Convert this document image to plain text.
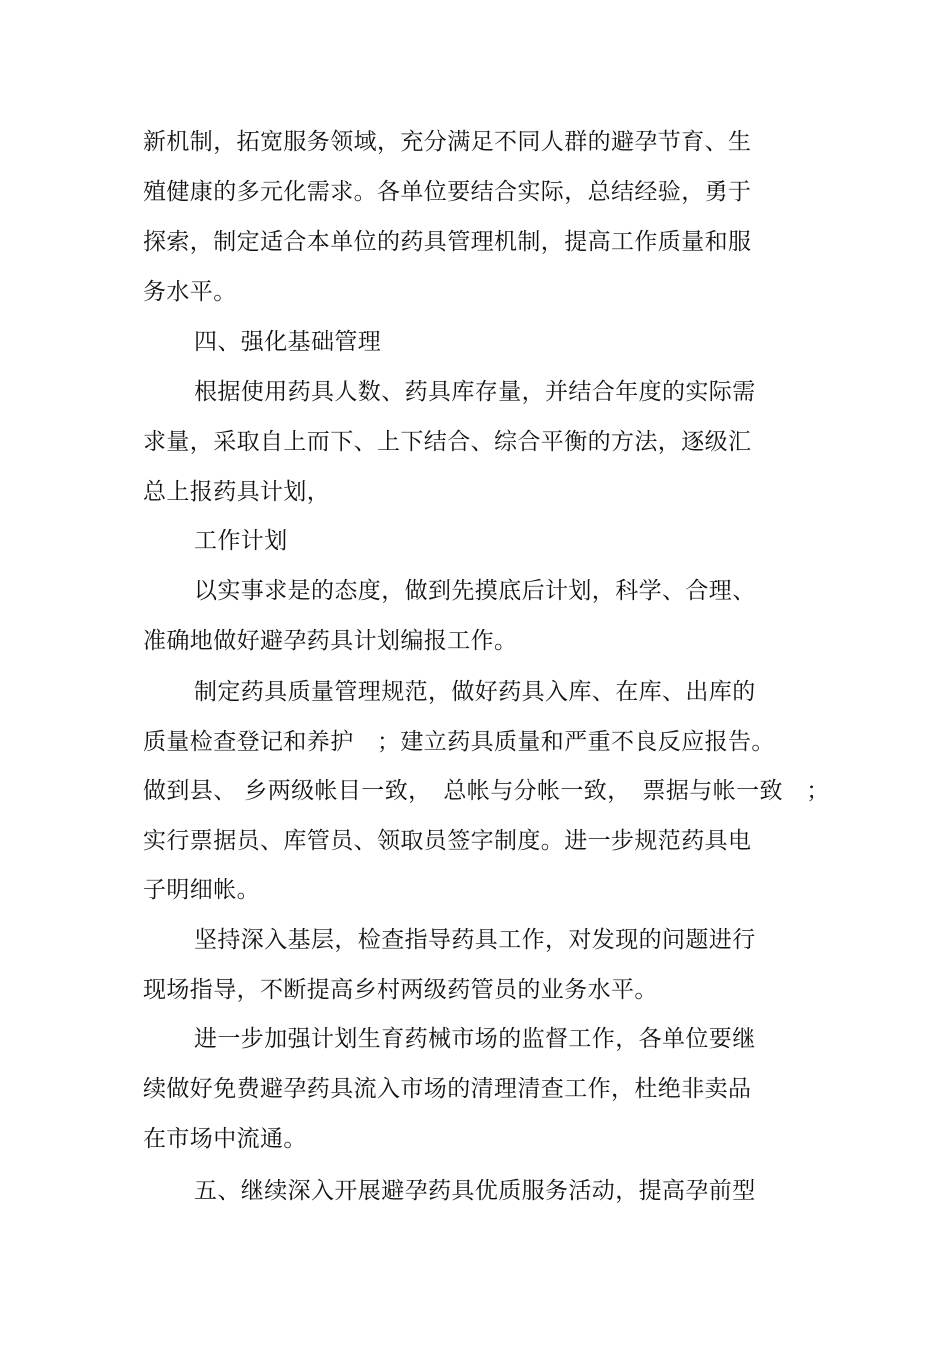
新机制，拓宽服务领域，充分满足不同人群的避孕节育、生
殖健康的多元化需求。各单位要结合实际，总结经验，勇于
探索，制定适合本单位的药具管理机制，提高工作质量和服
务水平。
四、强化基础管理
根据使用药具人数、药具库存量，并结合年度的实际需
求量，采取自上而下、上下结合、综合平衡的方法，逐级汇
总上报药具计划，
工作计划
以实事求是的态度，做到先摸底后计划，科学、合理、
准确地做好避孕药具计划编报工作。
制定药具质量管理规范，做好药具入库、在库、出库的
质量检查登记和养护　；建立药具质量和严重不良反应报告。
做到县、 乡两级帐目一致，　总帐与分帐一致，　票据与帐一致　；
实行票据员、库管员、领取员签字制度。进一步规范药具电
子明细帐。
坚持深入基层，检查指导药具工作，对发现的问题进行
现场指导，不断提高乡村两级药管员的业务水平。
进一步加强计划生育药械市场的监督工作，各单位要继
续做好免费避孕药具流入市场的清理清查工作，杜绝非卖品
在市场中流通。
五、继续深入开展避孕药具优质服务活动，提高孕前型
